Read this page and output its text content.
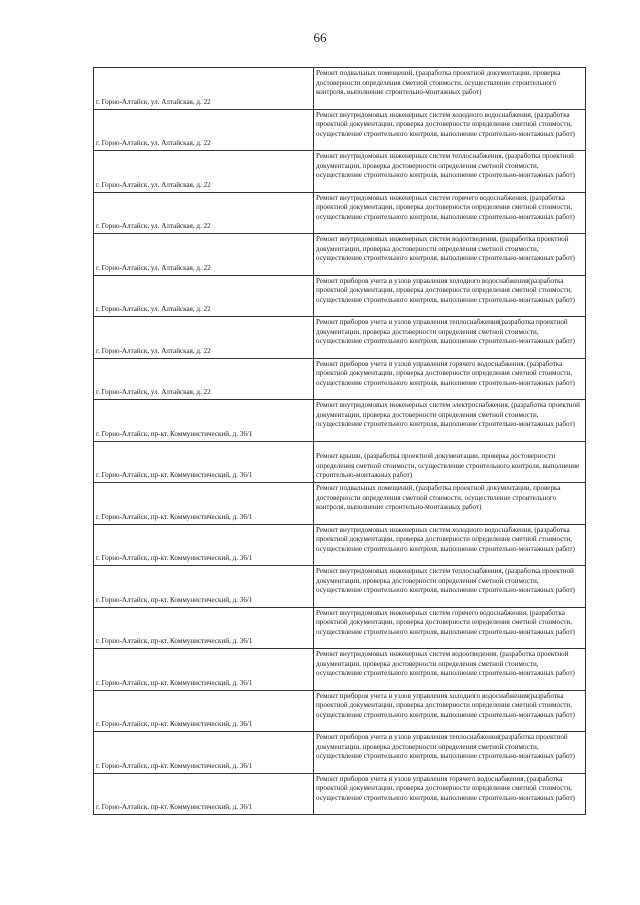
66
г. Горно-Алтайск, ул. Алтайская, д. 22	Ремонт подвальных помещений, (разработка проектной документации, проверка достоверности определения сметной стоимости, осуществление строительного контроля, выполнение строительно-монтажных работ)
г. Горно-Алтайск, ул. Алтайская, д. 22	Ремонт внутридомовых инженерных систем холодного водоснабжения, (разработка проектной документации, проверка достоверности определения сметной стоимости, осуществление строительного контроля, выполнение строительно-монтажных работ)
г. Горно-Алтайск, ул. Алтайская, д. 22	Ремонт внутридомовых инженерных систем теплоснабжения, (разработка проектной документации, проверка достоверности определения сметной стоимости, осуществление строительного контроля, выполнение строительно-монтажных работ)
г. Горно-Алтайск, ул. Алтайская, д. 22	Ремонт внутридомовых инженерных систем горячего водоснабжения, (разработка проектной документации, проверка достоверности определения сметной стоимости, осуществление строительного контроля, выполнение строительно-монтажных работ)
г. Горно-Алтайск, ул. Алтайская, д. 22	Ремонт внутридомовых инженерных систем водоотведения, (разработка проектной документации, проверка достоверности определения сметной стоимости, осуществление строительного контроля, выполнение строительно-монтажных работ)
г. Горно-Алтайск, ул. Алтайская, д. 22	Ремонт приборов учета и узлов управления холодного водоснабжения(разработка проектной документации, проверка достоверности определения сметной стоимости, осуществление строительного контроля, выполнение строительно-монтажных работ)
г. Горно-Алтайск, ул. Алтайская, д. 22	Ремонт приборов учета и узлов управления теплоснабжения(разработка проектной документации, проверка достоверности определения сметной стоимости, осуществление строительного контроля, выполнение строительно-монтажных работ)
г. Горно-Алтайск, ул. Алтайская, д. 22	Ремонт приборов учета и узлов управления горячего водоснабжения, (разработка проектной документации, проверка достоверности определения сметной стоимости, осуществление строительного контроля, выполнение строительно-монтажных работ)
г. Горно-Алтайск, пр-кт. Коммунистический, д. 36/1	Ремонт внутридомовых инженерных систем электроснабжения, (разработка проектной документации, проверка достоверности определения сметной стоимости, осуществление строительного контроля, выполнение строительно-монтажных работ)
г. Горно-Алтайск, пр-кт. Коммунистический, д. 36/1	Ремонт крыши, (разработка проектной документации, проверка достоверности определения сметной стоимости, осуществление строительного контроля, выполнение строительно-монтажных работ)
г. Горно-Алтайск, пр-кт. Коммунистический, д. 36/1	Ремонт подвальных помещений, (разработка проектной документации, проверка достоверности определения сметной стоимости, осуществление строительного контроля, выполнение строительно-монтажных работ)
г. Горно-Алтайск, пр-кт. Коммунистический, д. 36/1	Ремонт внутридомовых инженерных систем холодного водоснабжения, (разработка проектной документации, проверка достоверности определения сметной стоимости, осуществление строительного контроля, выполнение строительно-монтажных работ)
г. Горно-Алтайск, пр-кт. Коммунистический, д. 36/1	Ремонт внутридомовых инженерных систем теплоснабжения, (разработка проектной документации, проверка достоверности определения сметной стоимости, осуществление строительного контроля, выполнение строительно-монтажных работ)
г. Горно-Алтайск, пр-кт. Коммунистический, д. 36/1	Ремонт внутридомовых инженерных систем горячего водоснабжения, (разработка проектной документации, проверка достоверности определения сметной стоимости, осуществление строительного контроля, выполнение строительно-монтажных работ)
г. Горно-Алтайск, пр-кт. Коммунистический, д. 36/1	Ремонт внутридомовых инженерных систем водоотведения, (разработка проектной документации, проверка достоверности определения сметной стоимости, осуществление строительного контроля, выполнение строительно-монтажных работ)
г. Горно-Алтайск, пр-кт. Коммунистический, д. 36/1	Ремонт приборов учета и узлов управления холодного водоснабжения(разработка проектной документации, проверка достоверности определения сметной стоимости, осуществление строительного контроля, выполнение строительно-монтажных работ)
г. Горно-Алтайск, пр-кт. Коммунистический, д. 36/1	Ремонт приборов учета и узлов управления теплоснабжения(разработка проектной документации, проверка достоверности определения сметной стоимости, осуществление строительного контроля, выполнение строительно-монтажных работ)
г. Горно-Алтайск, пр-кт. Коммунистический, д. 36/1	Ремонт приборов учета и узлов управления горячего водоснабжения, (разработка проектной документации, проверка достоверности определения сметной стоимости, осуществление строительного контроля, выполнение строительно-монтажных работ)
